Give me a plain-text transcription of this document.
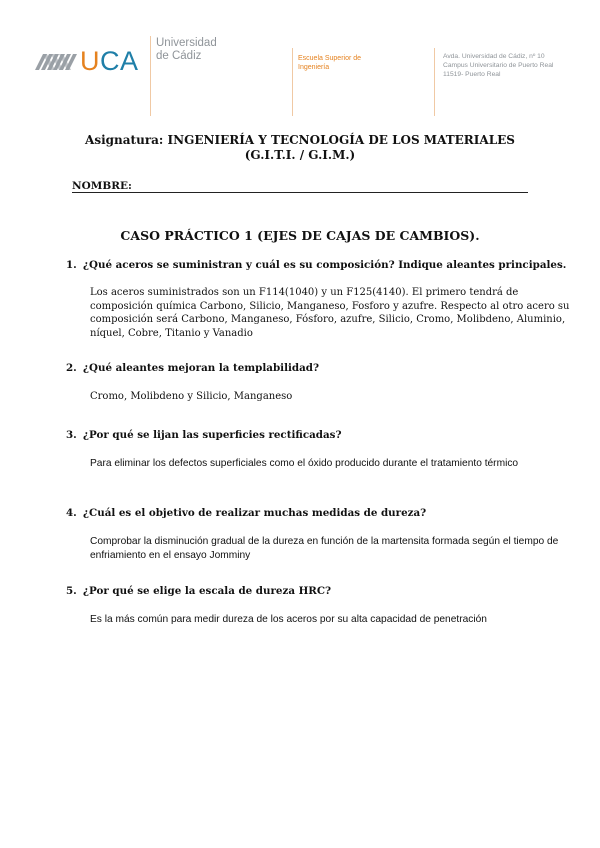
UCA
Universidad
de Cádiz	Escuela Superior de
Ingeniería
Avda. Universidad de Cádiz, nº 10
Campus Universitario de Puerto Real
11519- Puerto Real
Asignatura: INGENIERÍA Y TECNOLOGÍA DE LOS MATERIALES
(G.I.T.I. / G.I.M.)
NOMBRE:
CASO PRÁCTICO 1 (EJES DE CAJAS DE CAMBIOS).
1. ¿Qué aceros se suministran y cuál es su composición? Indique aleantes principales.
Los aceros suministrados son un F114(1040) y un F125(4140). El primero tendrá de composición química Carbono, Silicio, Manganeso, Fosforo y azufre. Respecto al otro acero su composición será Carbono, Manganeso, Fósforo, azufre, Silicio, Cromo, Molibdeno, Aluminio, níquel, Cobre, Titanio y Vanadio
2. ¿Qué aleantes mejoran la templabilidad?
Cromo, Molibdeno y Silicio, Manganeso
3. ¿Por qué se lijan las superficies rectificadas?
Para eliminar los defectos superficiales como el óxido producido durante el tratamiento térmico
4. ¿Cuál es el objetivo de realizar muchas medidas de dureza?
Comprobar la disminución gradual de la dureza en función de la martensita formada según el tiempo de enfriamiento en el ensayo Jomminy
5. ¿Por qué se elige la escala de dureza HRC?
Es la más común para medir dureza de los aceros por su alta capacidad de penetración
